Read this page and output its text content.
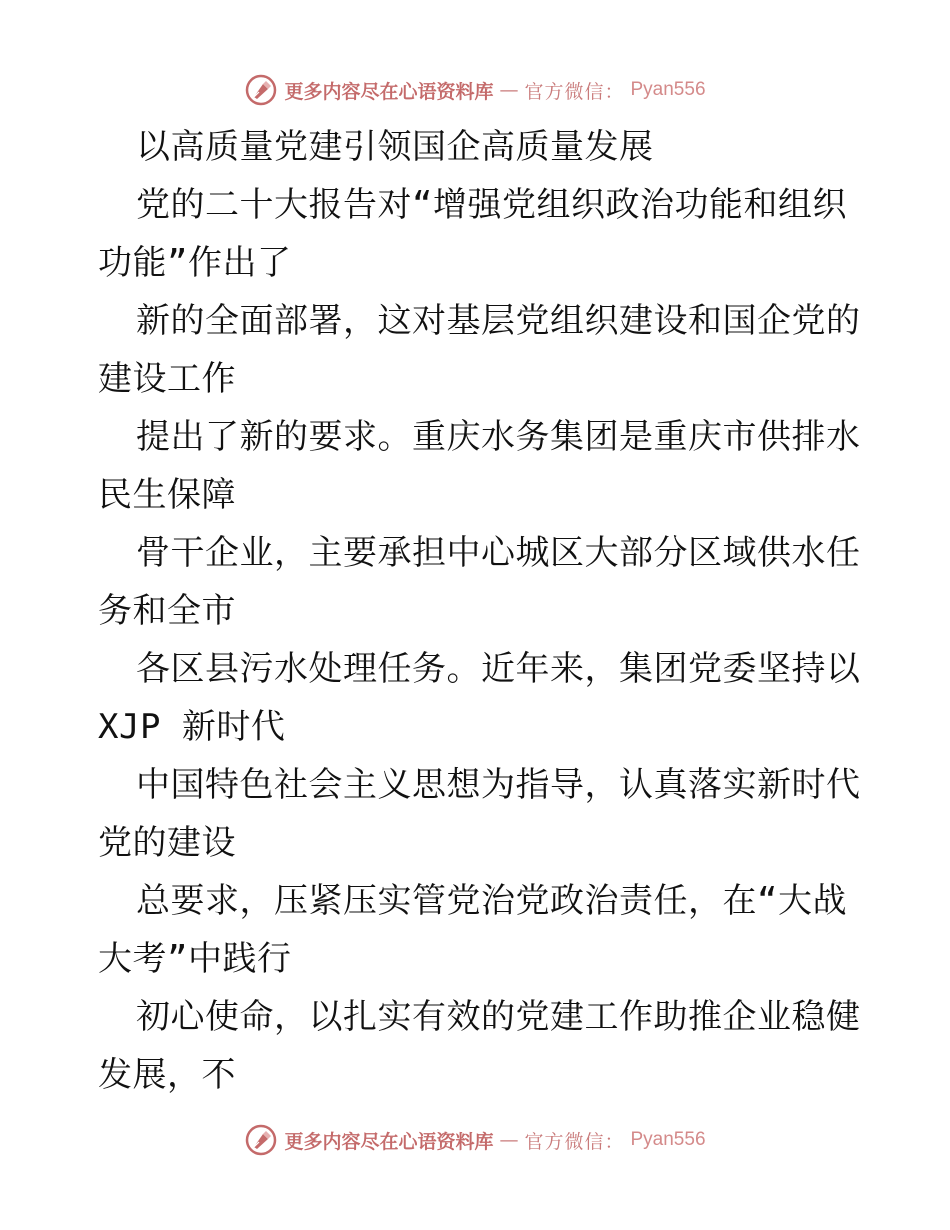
更多内容尽在心语资料库 — 官方微信： Pyan556

以高质量党建引领国企高质量发展

党的二十大报告对“增强党组织政治功能和组织

功能”作出了

新的全面部署，这对基层党组织建设和国企党的

建设工作

提出了新的要求。重庆水务集团是重庆市供排水

民生保障

骨干企业，主要承担中心城区大部分区域供水任

务和全市

各区县污水处理任务。近年来，集团党委坚持以

XJP 新时代

中国特色社会主义思想为指导，认真落实新时代

党的建设

总要求，压紧压实管党治党政治责任，在“大战

大考”中践行

初心使命，以扎实有效的党建工作助推企业稳健

发展，不

更多内容尽在心语资料库 — 官方微信： Pyan556
